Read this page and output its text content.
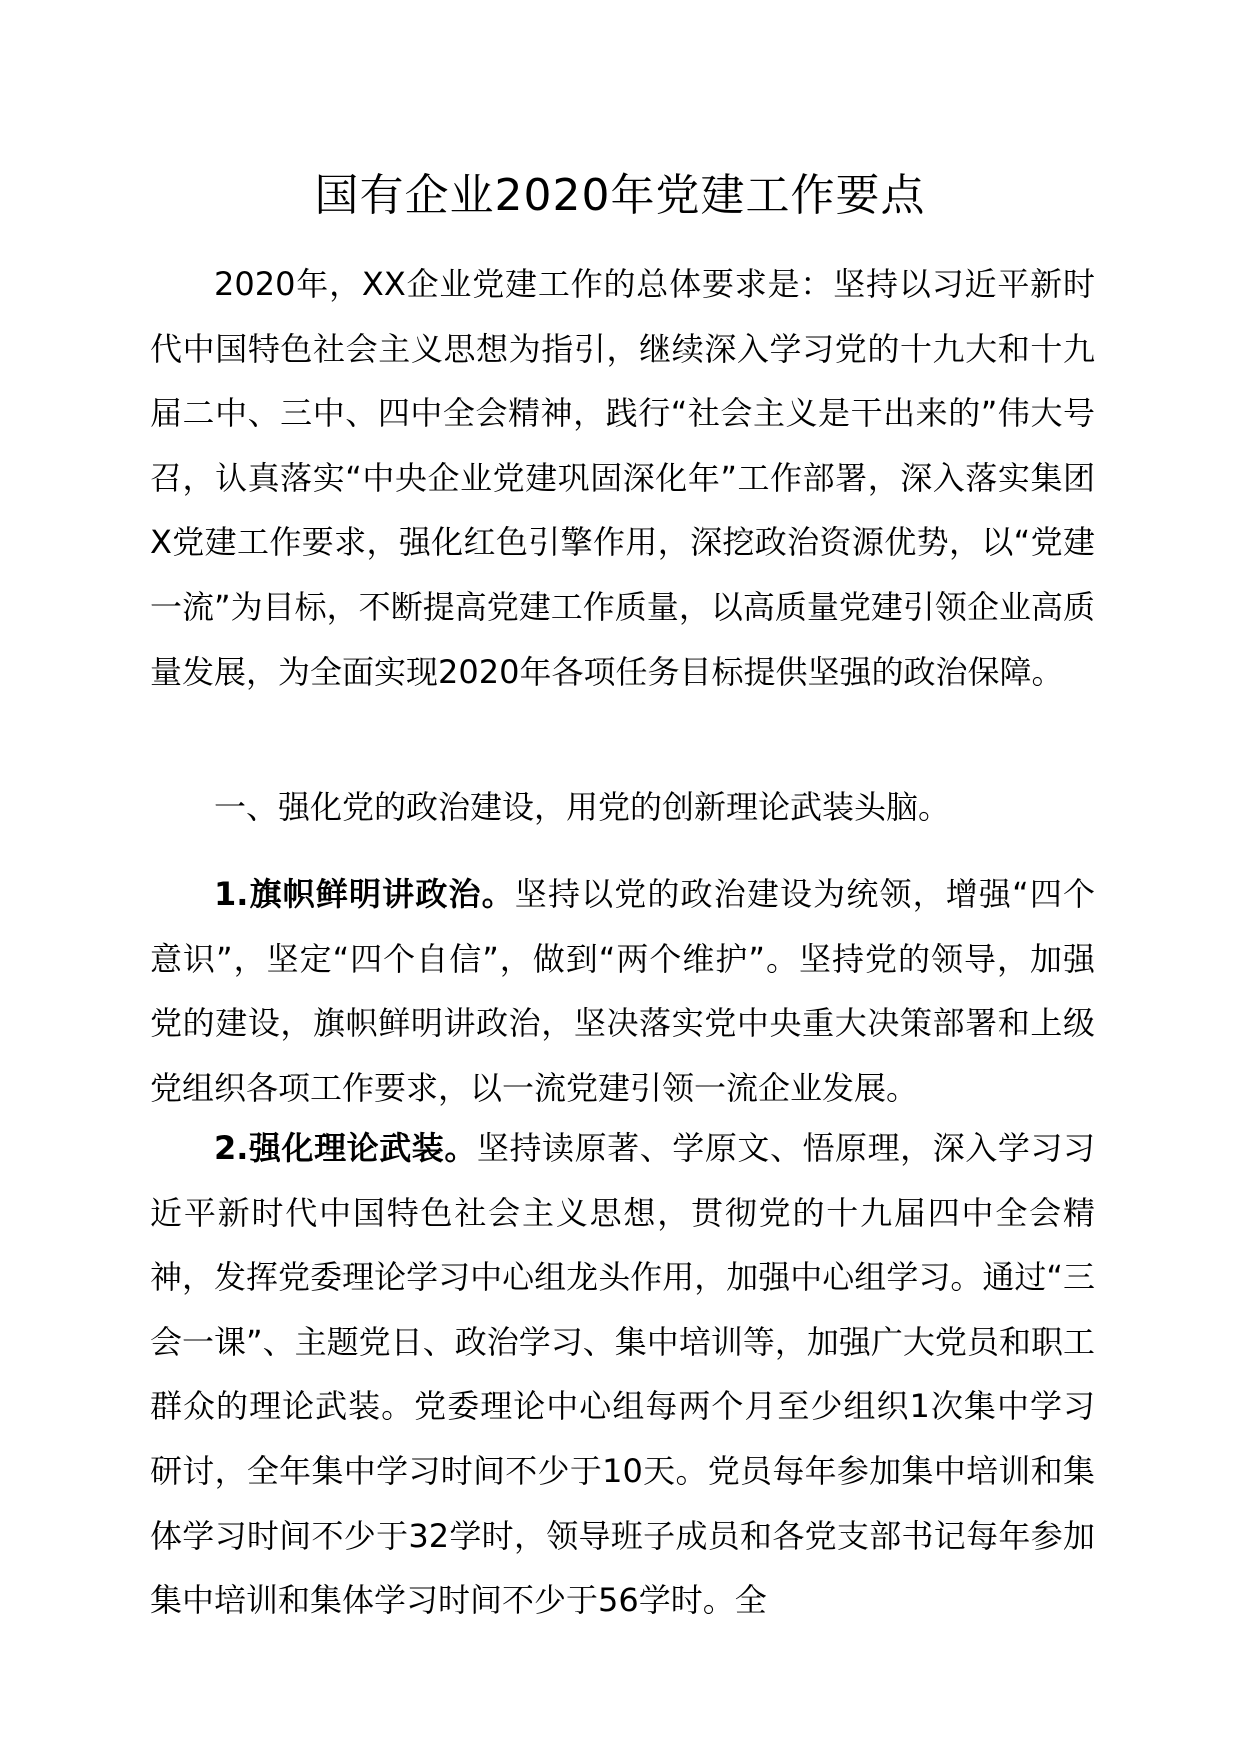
国有企业2020年党建工作要点
2020年，XX企业党建工作的总体要求是：坚持以习近平新时代中国特色社会主义思想为指引，继续深入学习党的十九大和十九届二中、三中、四中全会精神，践行“社会主义是干出来的”伟大号召，认真落实“中央企业党建巩固深化年”工作部署，深入落实集团X党建工作要求，强化红色引擎作用，深挖政治资源优势，以“党建一流”为目标，不断提高党建工作质量，以高质量党建引领企业高质量发展，为全面实现2020年各项任务目标提供坚强的政治保障。
一、强化党的政治建设，用党的创新理论武装头脑。
1.旗帜鲜明讲政治。坚持以党的政治建设为统领，增强“四个意识”，坚定“四个自信”，做到“两个维护”。坚持党的领导，加强党的建设，旗帜鲜明讲政治，坚决落实党中央重大决策部署和上级党组织各项工作要求，以一流党建引领一流企业发展。
2.强化理论武装。坚持读原著、学原文、悟原理，深入学习习近平新时代中国特色社会主义思想，贯彻党的十九届四中全会精神，发挥党委理论学习中心组龙头作用，加强中心组学习。通过“三会一课”、主题党日、政治学习、集中培训等，加强广大党员和职工群众的理论武装。党委理论中心组每两个月至少组织1次集中学习研讨，全年集中学习时间不少于10天。党员每年参加集中培训和集体学习时间不少于32学时，领导班子成员和各党支部书记每年参加集中培训和集体学习时间不少于56学时。全
